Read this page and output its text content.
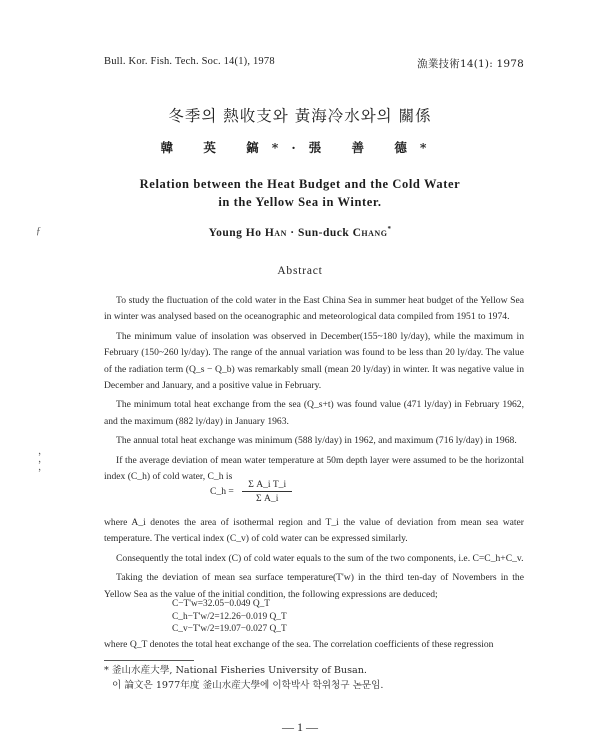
Bull. Kor. Fish. Tech. Soc. 14(1), 1978	漁業技術14(1): 1978
冬季의 熱收支와 黃海冷水와의 關係
韓 英 鎬*·張 善 德*
Relation between the Heat Budget and the Cold Water
in the Yellow Sea in Winter.
Young Ho Han · Sun-duck Chang*
ƒ
，
，
，
Abstract

To study the fluctuation of the cold water in the East China Sea in summer heat budget of the Yellow Sea in winter was analysed based on the oceanographic and meteorological data compiled from 1951 to 1974.

The minimum value of insolation was observed in December(155~180 ly/day), while the maximum in February (150~260 ly/day). The range of the annual variation was found to be less than 20 ly/day. The value of the radiation term (Q_s − Q_b) was remarkably small (mean 20 ly/day) in winter. It was negative value in December and January, and a positive value in February.

The minimum total heat exchange from the sea (Q_s+t) was found value (471 ly/day) in February 1962, and the maximum (882 ly/day) in January 1963.

The annual total heat exchange was minimum (588 ly/day) in 1962, and maximum (716 ly/day) in 1968.

If the average deviation of mean water temperature at 50m depth layer were assumed to be the horizontal index (C_h) of cold water, C_h is

C_h = $\frac{\text{Σ A\_i T\_i}}{\text{Σ A\_i}}$

where A_i denotes the area of isothermal region and T_i the value of deviation from mean sea water temperature. The vertical index (C_v) of cold water can be expressed similarly.

Consequently the total index (C) of cold water equals to the sum of the two components, i.e. C=C_h+C_v.

Taking the deviation of mean sea surface temperature(T'w) in the third ten-day of Novembers in the Yellow Sea as the value of the initial condition, the following expressions are deduced;

C−T'w=32.05−0.049 Q_T
C_h−T'w/2=12.26−0.019 Q_T
C_v−T'w/2=19.07−0.027 Q_T

where Q_T denotes the total heat exchange of the sea. The correlation coefficients of these regression

* 釜山水産大學, National Fisheries University of Busan.
이 論文은 1977年度 釜山水産大學에 이학박사 학위청구 논문임.
— 1 —
